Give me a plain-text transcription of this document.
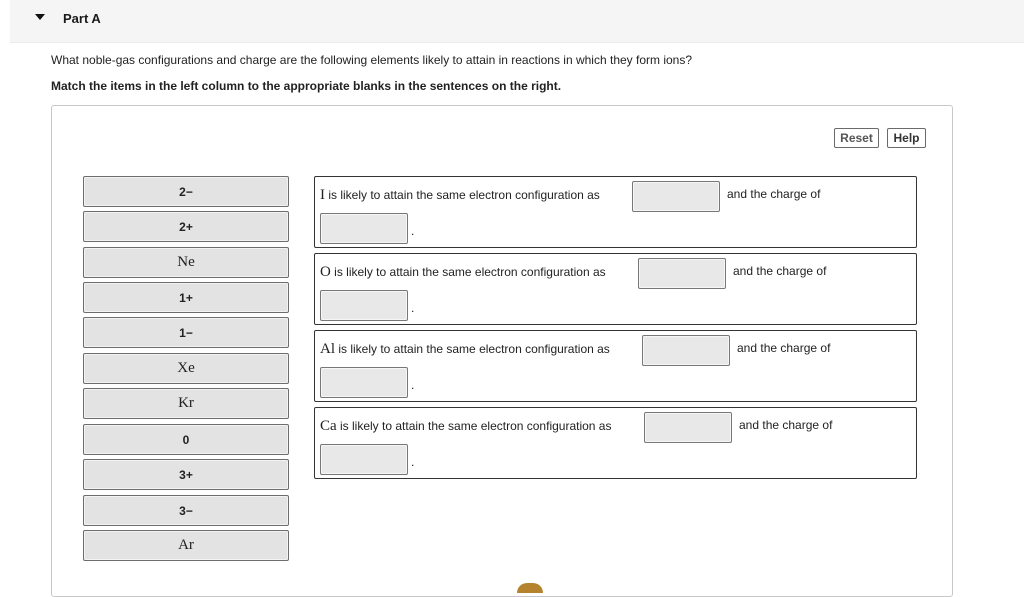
Part A
What noble-gas configurations and charge are the following elements likely to attain in reactions in which they form ions?
Match the items in the left column to the appropriate blanks in the sentences on the right.
Reset	Help
2−
2+
Ne
1+
1−
Xe
Kr
0
3+
3−
Ar
I is likely to attain the same electron configuration as	and the charge of
.
O is likely to attain the same electron configuration as	and the charge of
.
Al is likely to attain the same electron configuration as	and the charge of
.
Ca is likely to attain the same electron configuration as	and the charge of
.
